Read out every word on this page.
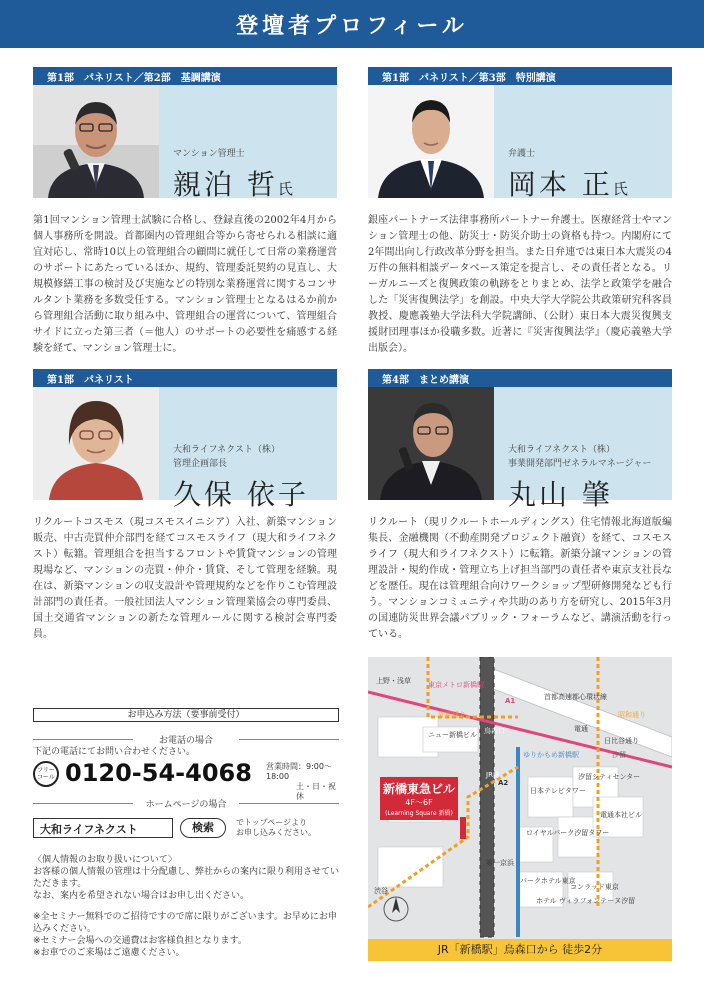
登壇者プロフィール
第1部　パネリスト／第2部　基調講演
マンション管理士
親泊 哲氏
第1回マンション管理士試験に合格し、登録直後の2002年4月から個人事務所を開設。首都圏内の管理組合等から寄せられる相談に適宜対応し、常時10以上の管理組合の顧問に就任して日常の業務運営のサポートにあたっているほか、規約、管理委託契約の見直し、大規模修繕工事の検討及び実施などの特別な業務運営に関するコンサルタント業務を多数受任する。マンション管理士となるはるか前から管理組合活動に取り組み中、管理組合の運営について、管理組合サイドに立った第三者（＝他人）のサポートの必要性を痛感する経験を経て、マンション管理士に。
第1部　パネリスト／第3部　特別講演
弁護士
岡本 正氏
銀座パートナーズ法律事務所パートナー弁護士。医療経営士やマンション管理士の他、防災士・防災介助士の資格も持つ。内閣府にて2年間出向し行政改革分野を担当。また日弁連では東日本大震災の4万件の無料相談データベース策定を提言し、その責任者となる。リーガルニーズと復興政策の軌跡をとりまとめ、法学と政策学を融合した「災害復興法学」を創設。中央大学大学院公共政策研究科客員教授、慶應義塾大学法科大学院講師、（公財）東日本大震災復興支援財団理事ほか役職多数。近著に『災害復興法学』（慶応義塾大学出版会）。
第1部　パネリスト
大和ライフネクスト（株）
管理企画部長
久保 依子
リクルートコスモス（現コスモスイニシア）入社、新築マンション販売、中古売買仲介部門を経てコスモスライフ（現大和ライフネクスト）転籍。管理組合を担当するフロントや賃貸マンションの管理現場など、マンションの売買・仲介・賃貸、そして管理を経験。現在は、新築マンションの収支設計や管理規約などを作りこむ管理設計部門の責任者。一般社団法人マンション管理業協会の専門委員、国土交通省マンションの新たな管理ルールに関する検討会専門委員。
第4部　まとめ講演
大和ライフネクスト（株）
事業開発部門ゼネラルマネージャー
丸山 肇
リクルート（現リクルートホールディングス）住宅情報北海道版編集長、金融機関（不動産開発プロジェクト融資）を経て、コスモスライフ（現大和ライフネクスト）に転籍。新築分譲マンションの管理設計・規約作成・管理立ち上げ担当部門の責任者や東京支社長などを歴任。現在は管理組合向けワークショップ型研修開発なども行う。マンションコミュニティや共助のあり方を研究し、2015年3月の国連防災世界会議パブリック・フォーラムなど、講演活動を行っている。
お申込み方法（要事前受付）
お電話の場合
下記の電話にてお問い合わせください。
フリーコール 0120-54-4068 営業時間：9:00～18:00
土・日・祝休
ホームページの場合
大和ライフネクスト	検索	でトップページより
お申し込みください。
〈個人情報のお取り扱いについて〉
お客様の個人情報の管理は十分配慮し、弊社からの案内に限り利用させていただきます。
なお、案内を希望されない場合はお申し出ください。
※全セミナー無料でのご招待ですので席に限りがございます。お早めにお申込みください。
※セミナー会場への交通費はお客様負担となります。
※お車でのご来場はご遠慮ください。
首都高速都心環状線
東京メトロ新橋駅
上野・浅草
ニュー新橋ビル 烏森口
ゆりかもめ新橋駅
汐留シティセンター
日本テレビタワー
ロイヤルパーク汐留タワー
電通本社ビル
コンラッド東京
パークホテル東京
ホテル ヴィラフォンテーヌ汐留
外堀通り
JR線
第一京浜
昭和通り
日比谷通り
汐留
渋谷
A2
A1
電通
新橋東急ビル
4F～6F
(Learning Square 新橋)
JR「新橋駅」烏森口から 徒歩2分
